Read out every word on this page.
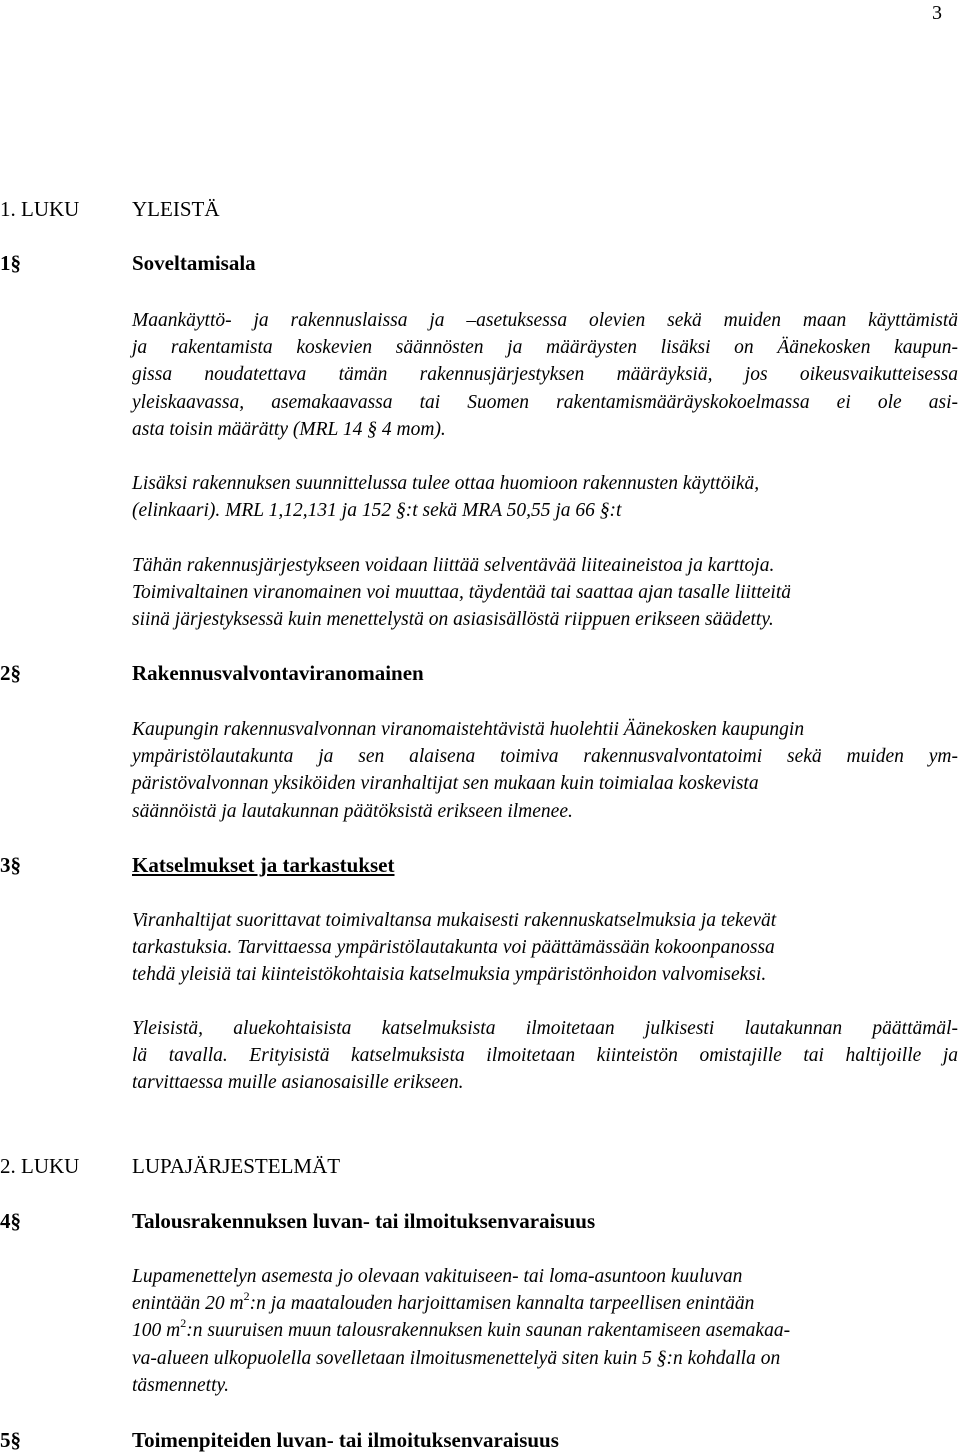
3
1. LUKU	YLEISTÄ
1§	Soveltamisala
Maankäyttö- ja rakennuslaissa ja –asetuksessa olevien sekä muiden maan käyttämistä
ja rakentamista koskevien säännösten ja määräysten lisäksi on Äänekosken kaupun-
gissa noudatettava tämän rakennusjärjestyksen määräyksiä, jos oikeusvaikutteisessa
yleiskaavassa, asemakaavassa tai Suomen rakentamismääräyskokoelmassa ei ole asi-
asta toisin määrätty (MRL 14 § 4 mom).
Lisäksi rakennuksen suunnittelussa tulee ottaa huomioon rakennusten käyttöikä,
(elinkaari). MRL 1,12,131 ja 152 §:t sekä MRA 50,55 ja 66 §:t
Tähän rakennusjärjestykseen voidaan liittää selventävää liiteaineistoa ja karttoja.
Toimivaltainen viranomainen voi muuttaa, täydentää tai saattaa ajan tasalle liitteitä
siinä järjestyksessä kuin menettelystä on asiasisällöstä riippuen erikseen säädetty.
2§	Rakennusvalvontaviranomainen
Kaupungin rakennusvalvonnan viranomaistehtävistä huolehtii Äänekosken kaupungin
ympäristölautakunta ja sen alaisena toimiva rakennusvalvontatoimi sekä muiden ym-
päristövalvonnan yksiköiden viranhaltijat sen mukaan kuin toimialaa koskevista
säännöistä ja lautakunnan päätöksistä erikseen ilmenee.
3§	Katselmukset ja tarkastukset
Viranhaltijat suorittavat toimivaltansa mukaisesti rakennuskatselmuksia ja tekevät
tarkastuksia. Tarvittaessa ympäristölautakunta voi päättämässään kokoonpanossa
tehdä yleisiä tai kiinteistökohtaisia katselmuksia ympäristönhoidon valvomiseksi.
Yleisistä, aluekohtaisista katselmuksista ilmoitetaan julkisesti lautakunnan päättämäl-
lä tavalla. Erityisistä katselmuksista ilmoitetaan kiinteistön omistajille tai haltijoille ja
tarvittaessa muille asianosaisille erikseen.
2. LUKU	LUPAJÄRJESTELMÄT
4§	Talousrakennuksen luvan- tai ilmoituksenvaraisuus
Lupamenettelyn asemesta jo olevaan vakituiseen- tai loma-asuntoon kuuluvan
enintään 20 $m^2:n$ ja maatalouden harjoittamisen kannalta tarpeellisen enintään
100 $m^2:n$ suuruisen muun talousrakennuksen kuin saunan rakentamiseen asemakaa-
va-alueen ulkopuolella sovelletaan ilmoitusmenettelyä siten kuin 5 §:n kohdalla on
täsmennetty.
5§	Toimenpiteiden luvan- tai ilmoituksenvaraisuus
